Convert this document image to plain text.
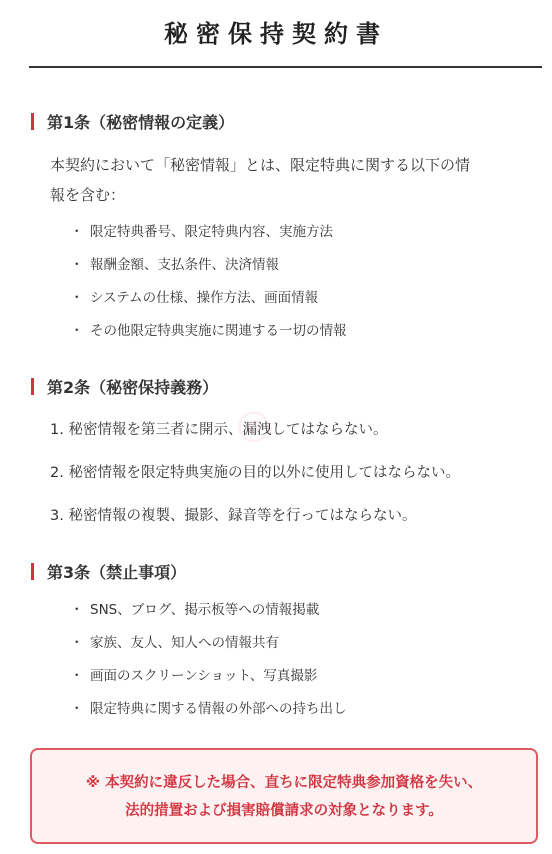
秘密保持契約書
第1条（秘密情報の定義）
本契約において「秘密情報」とは、限定特典に関する以下の情
報を含む：
・ 限定特典番号、限定特典内容、実施方法
・ 報酬金額、支払条件、決済情報
・ システムの仕様、操作方法、画面情報
・ その他限定特典実施に関連する一切の情報
第2条（秘密保持義務）
1. 秘密情報を第三者に開示、漏洩してはならない。
2. 秘密情報を限定特典実施の目的以外に使用してはならない。
3. 秘密情報の複製、撮影、録音等を行ってはならない。
第3条（禁止事項）
・ SNS、ブログ、掲示板等への情報掲載
・ 家族、友人、知人への情報共有
・ 画面のスクリーンショット、写真撮影
・ 限定特典に関する情報の外部への持ち出し
◎
※ 本契約に違反した場合、直ちに限定特典参加資格を失い、
法的措置および損害賠償請求の対象となります。
